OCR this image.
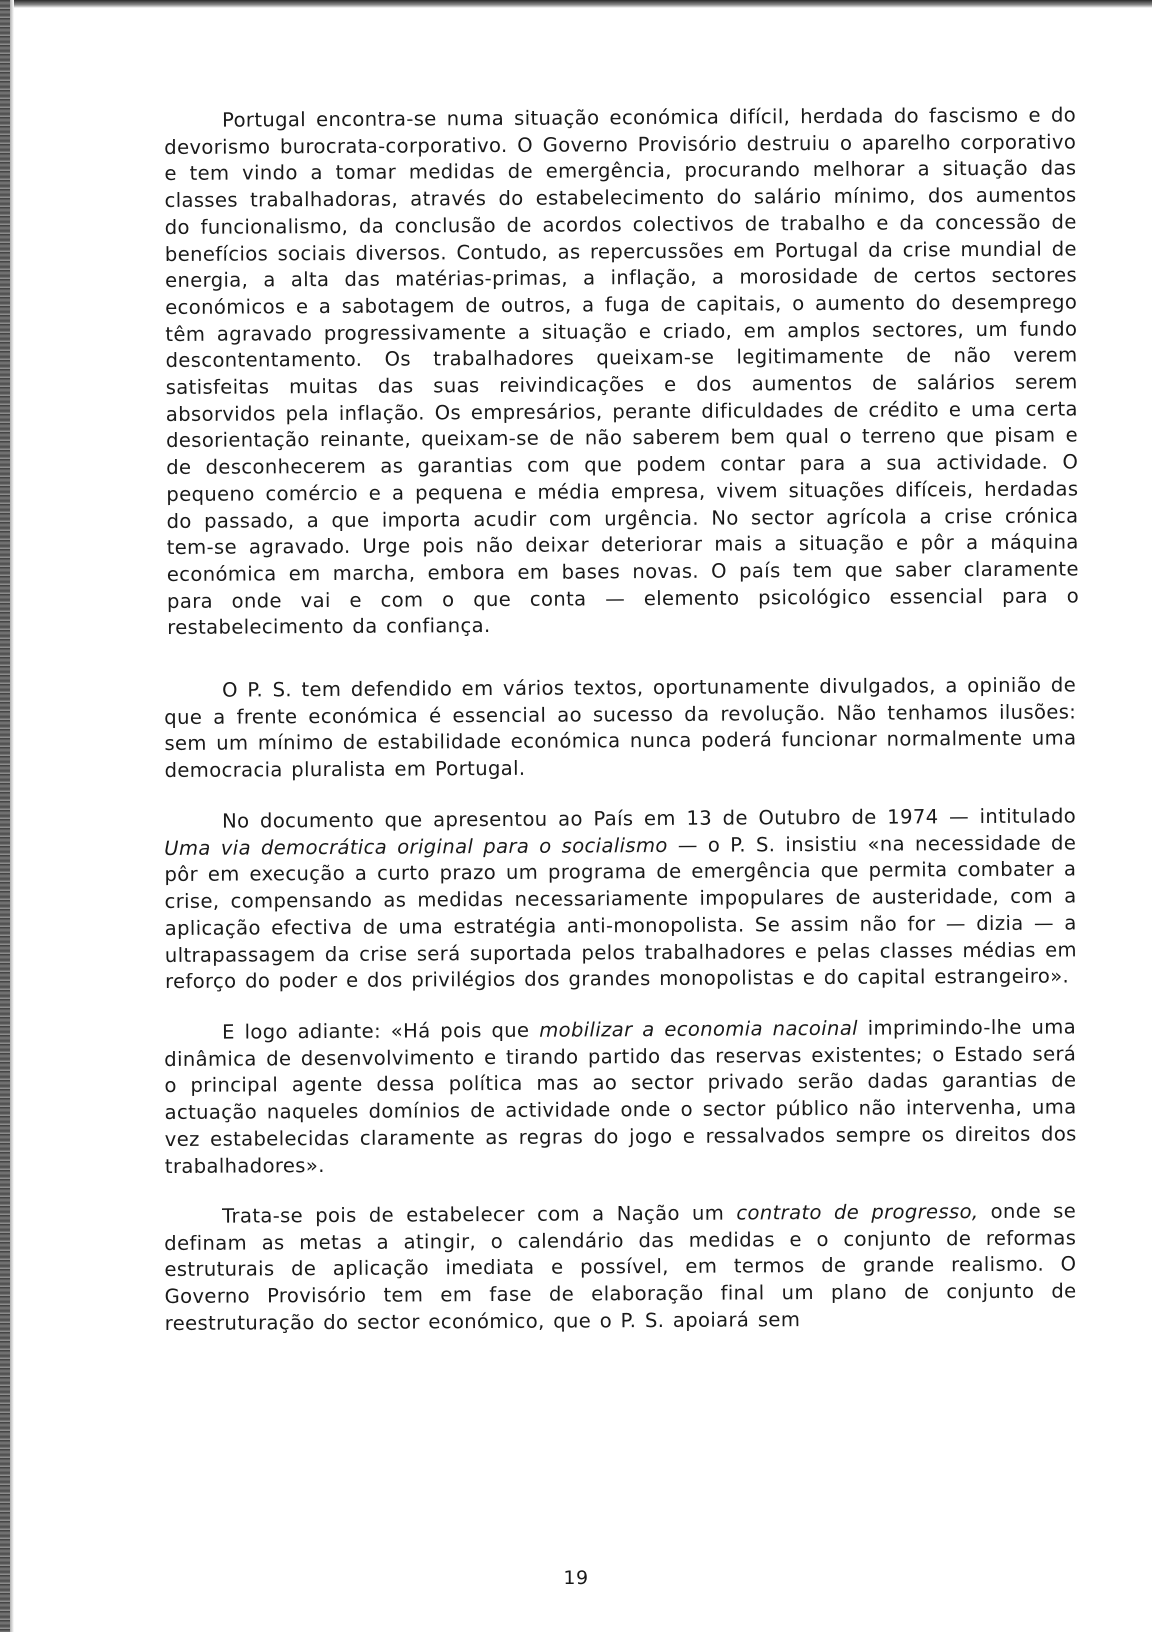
Portugal encontra-se numa situação económica difícil, herdada do fascismo e do devorismo burocrata-corporativo. O Governo Provisório destruiu o aparelho corporativo e tem vindo a tomar medidas de emergência, procurando melhorar a situação das classes trabalhadoras, através do estabelecimento do salário mínimo, dos aumentos do funcionalismo, da conclusão de acordos colectivos de trabalho e da concessão de benefícios sociais diversos. Contudo, as repercussões em Portugal da crise mundial de energia, a alta das matérias-primas, a inflação, a morosidade de certos sectores económicos e a sabotagem de outros, a fuga de capitais, o aumento do desemprego têm agravado progressivamente a situação e criado, em amplos sectores, um fundo descontentamento. Os trabalhadores queixam-se legitimamente de não verem satisfeitas muitas das suas reivindicações e dos aumentos de salários serem absorvidos pela inflação. Os empresários, perante dificuldades de crédito e uma certa desorientação reinante, queixam-se de não saberem bem qual o terreno que pisam e de desconhecerem as garantias com que podem contar para a sua actividade. O pequeno comércio e a pequena e média empresa, vivem situações difíceis, herdadas do passado, a que importa acudir com urgência. No sector agrícola a crise crónica tem-se agravado. Urge pois não deixar deteriorar mais a situação e pôr a máquina económica em marcha, embora em bases novas. O país tem que saber claramente para onde vai e com o que conta — elemento psicológico essencial para o restabelecimento da confiança.

O P. S. tem defendido em vários textos, oportunamente divulgados, a opinião de que a frente económica é essencial ao sucesso da revolução. Não tenhamos ilusões: sem um mínimo de estabilidade económica nunca poderá funcionar normalmente uma democracia pluralista em Portugal.

No documento que apresentou ao País em 13 de Outubro de 1974 — intitulado Uma via democrática original para o socialismo — o P. S. insistiu «na necessidade de pôr em execução a curto prazo um programa de emergência que permita combater a crise, compensando as medidas necessariamente impopulares de austeridade, com a aplicação efectiva de uma estratégia anti-monopolista. Se assim não for — dizia — a ultrapassagem da crise será suportada pelos trabalhadores e pelas classes médias em reforço do poder e dos privilégios dos grandes monopolistas e do capital estrangeiro».

E logo adiante: «Há pois que mobilizar a economia nacoinal imprimindo-lhe uma dinâmica de desenvolvimento e tirando partido das reservas existentes; o Estado será o principal agente dessa política mas ao sector privado serão dadas garantias de actuação naqueles domínios de actividade onde o sector público não intervenha, uma vez estabelecidas claramente as regras do jogo e ressalvados sempre os direitos dos trabalhadores».

Trata-se pois de estabelecer com a Nação um contrato de progresso, onde se definam as metas a atingir, o calendário das medidas e o conjunto de reformas estruturais de aplicação imediata e possível, em termos de grande realismo. O Governo Provisório tem em fase de elaboração final um plano de conjunto de reestruturação do sector económico, que o P. S. apoiará sem

19
